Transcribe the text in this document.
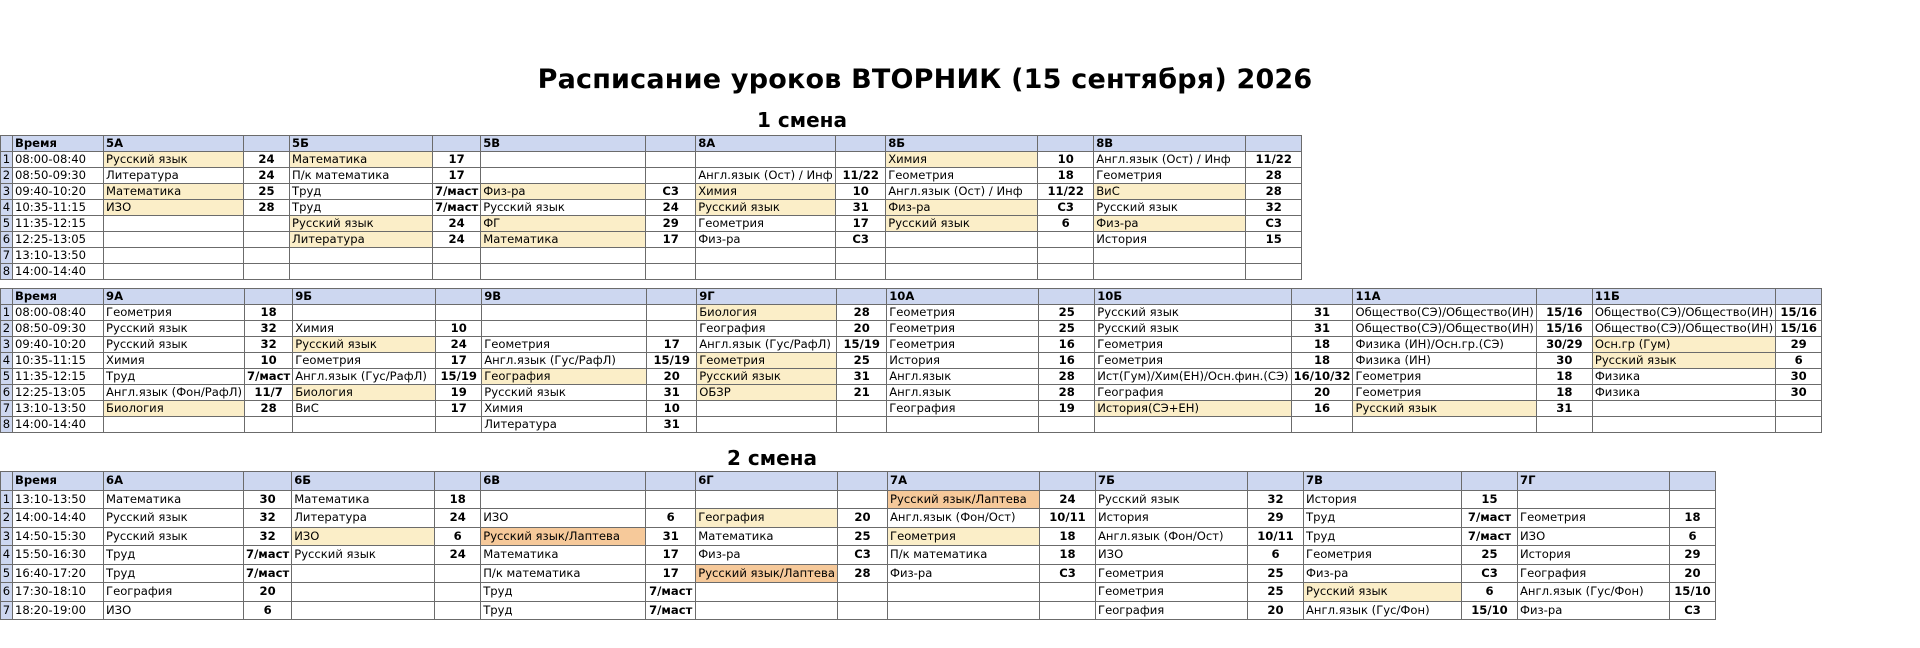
Расписание уроков ВТОРНИК (15 сентября) 2026
1 смена
2 смена
	Время	5А		5Б		5В		8А		8Б		8В	
1	08:00-08:40	Русский язык	24	Математика	17					Химия	10	Англ.язык (Ост) / Инф	11/22
2	08:50-09:30	Литература	24	П/к математика	17			Англ.язык (Ост) / Инф	11/22	Геометрия	18	Геометрия	28
3	09:40-10:20	Математика	25	Труд	7/маст	Физ-ра	С3	Химия	10	Англ.язык (Ост) / Инф	11/22	ВиС	28
4	10:35-11:15	ИЗО	28	Труд	7/маст	Русский язык	24	Русский язык	31	Физ-ра	С3	Русский язык	32
5	11:35-12:15			Русский язык	24	ФГ	29	Геометрия	17	Русский язык	6	Физ-ра	С3
6	12:25-13:05			Литература	24	Математика	17	Физ-ра	С3			История	15
7	13:10-13:50												
8	14:00-14:40												
	Время	9А		9Б		9В		9Г		10А		10Б		11А		11Б	
1	08:00-08:40	Геометрия	18					Биология	28	Геометрия	25	Русский язык	31	Общество(СЭ)/Общество(ИН)	15/16	Общество(СЭ)/Общество(ИН)	15/16
2	08:50-09:30	Русский язык	32	Химия	10			География	20	Геометрия	25	Русский язык	31	Общество(СЭ)/Общество(ИН)	15/16	Общество(СЭ)/Общество(ИН)	15/16
3	09:40-10:20	Русский язык	32	Русский язык	24	Геометрия	17	Англ.язык (Гус/РафЛ)	15/19	Геометрия	16	Геометрия	18	Физика (ИН)/Осн.гр.(СЭ)	30/29	Осн.гр (Гум)	29
4	10:35-11:15	Химия	10	Геометрия	17	Англ.язык (Гус/РафЛ)	15/19	Геометрия	25	История	16	Геометрия	18	Физика (ИН)	30	Русский язык	6
5	11:35-12:15	Труд	7/маст	Англ.язык (Гус/РафЛ)	15/19	География	20	Русский язык	31	Англ.язык	28	Ист(Гум)/Хим(ЕН)/Осн.фин.(СЭ)	16/10/32	Геометрия	18	Физика	30
6	12:25-13:05	Англ.язык (Фон/РафЛ)	11/7	Биология	19	Русский язык	31	ОБЗР	21	Англ.язык	28	География	20	Геометрия	18	Физика	30
7	13:10-13:50	Биология	28	ВиС	17	Химия	10			География	19	История(СЭ+ЕН)	16	Русский язык	31		
8	14:00-14:40					Литература	31										
	Время	6А		6Б		6В		6Г		7А		7Б		7В		7Г	
1	13:10-13:50	Математика	30	Математика	18					Русский язык/Лаптева	24	Русский язык	32	История	15		
2	14:00-14:40	Русский язык	32	Литература	24	ИЗО	6	География	20	Англ.язык (Фон/Ост)	10/11	История	29	Труд	7/маст	Геометрия	18
3	14:50-15:30	Русский язык	32	ИЗО	6	Русский язык/Лаптева	31	Математика	25	Геометрия	18	Англ.язык (Фон/Ост)	10/11	Труд	7/маст	ИЗО	6
4	15:50-16:30	Труд	7/маст	Русский язык	24	Математика	17	Физ-ра	С3	П/к математика	18	ИЗО	6	Геометрия	25	История	29
5	16:40-17:20	Труд	7/маст			П/к математика	17	Русский язык/Лаптева	28	Физ-ра	С3	Геометрия	25	Физ-ра	С3	География	20
6	17:30-18:10	География	20			Труд	7/маст					Геометрия	25	Русский язык	6	Англ.язык (Гус/Фон)	15/10
7	18:20-19:00	ИЗО	6			Труд	7/маст					География	20	Англ.язык (Гус/Фон)	15/10	Физ-ра	С3
